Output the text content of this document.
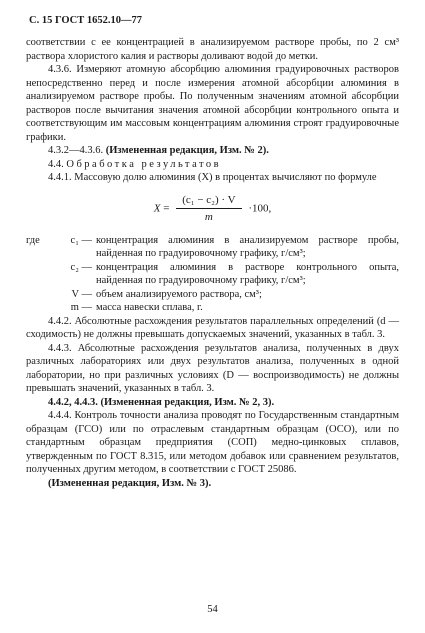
С. 15 ГОСТ 1652.10—77

соответствии с ее концентрацией в анализируемом растворе пробы, по 2 см³ раствора хлористого калия и растворы доливают водой до метки.

4.3.6. Измеряют атомную абсорбцию алюминия градуировочных растворов непосредственно перед и после измерения атомной абсорбции алюминия в анализируемом растворе пробы. По полученным значениям атомной абсорбции растворов после вычитания значения атомной абсорбции контрольного опыта и соответствующим им массовым концентрациям алюминия строят градуировочные графики.

4.3.2—4.3.6. (Измененная редакция, Изм. № 2).

4.4. Обработка результатов

4.4.1. Массовую долю алюминия (X) в процентах вычисляют по формуле

$X = \frac{\text{(c₁ − c₂) · V}}{m} \cdot 100$,
где	c₁ — концентрация алюминия в анализируемом растворе пробы, найденная по градуировочному графику, г/см³;
c₂ — концентрация алюминия в растворе контрольного опыта, найденная по градуировочному графику, г/см³;
V — объем анализируемого раствора, см³;
m — масса навески сплава, г.

4.4.2. Абсолютные расхождения результатов параллельных определений (d — сходимость) не должны превышать допускаемых значений, указанных в табл. 3.

4.4.3. Абсолютные расхождения результатов анализа, полученных в двух различных лабораториях или двух результатов анализа, полученных в одной лаборатории, но при различных условиях (D — воспроизводимость) не должны превышать значений, указанных в табл. 3.

4.4.2, 4.4.3. (Измененная редакция, Изм. № 2, 3).

4.4.4. Контроль точности анализа проводят по Государственным стандартным образцам (ГСО) или по отраслевым стандартным образцам (ОСО), или по стандартным образцам предприятия (СОП) медно-цинковых сплавов, утвержденным по ГОСТ 8.315, или методом добавок или сравнением результатов, полученных другим методом, в соответствии с ГОСТ 25086.

(Измененная редакция, Изм. № 3).

54
